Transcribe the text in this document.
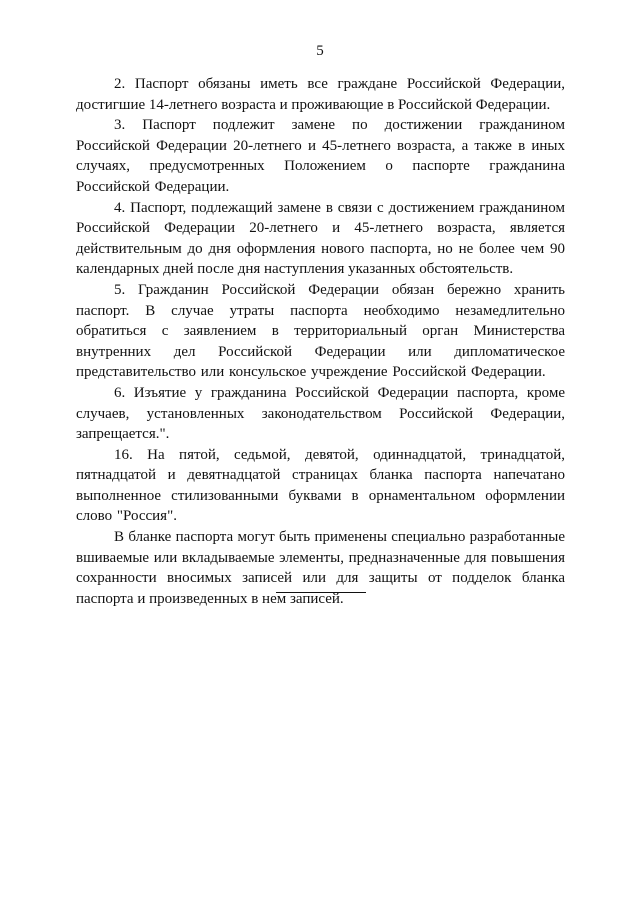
5

2. Паспорт обязаны иметь все граждане Российской Федерации, достигшие 14-летнего возраста и проживающие в Российской Федерации.

3. Паспорт подлежит замене по достижении гражданином Российской Федерации 20-летнего и 45-летнего возраста, а также в иных случаях, предусмотренных Положением о паспорте гражданина Российской Федерации.

4. Паспорт, подлежащий замене в связи с достижением гражданином Российской Федерации 20-летнего и 45-летнего возраста, является действительным до дня оформления нового паспорта, но не более чем 90 календарных дней после дня наступления указанных обстоятельств.

5. Гражданин Российской Федерации обязан бережно хранить паспорт. В случае утраты паспорта необходимо незамедлительно обратиться с заявлением в территориальный орган Министерства внутренних дел Российской Федерации или дипломатическое представительство или консульское учреждение Российской Федерации.

6. Изъятие у гражданина Российской Федерации паспорта, кроме случаев, установленных законодательством Российской Федерации, запрещается.".

16. На пятой, седьмой, девятой, одиннадцатой, тринадцатой, пятнадцатой и девятнадцатой страницах бланка паспорта напечатано выполненное стилизованными буквами в орнаментальном оформлении слово "Россия".

В бланке паспорта могут быть применены специально разработанные вшиваемые или вкладываемые элементы, предназначенные для повышения сохранности вносимых записей или для защиты от подделок бланка паспорта и произведенных в нем записей.
